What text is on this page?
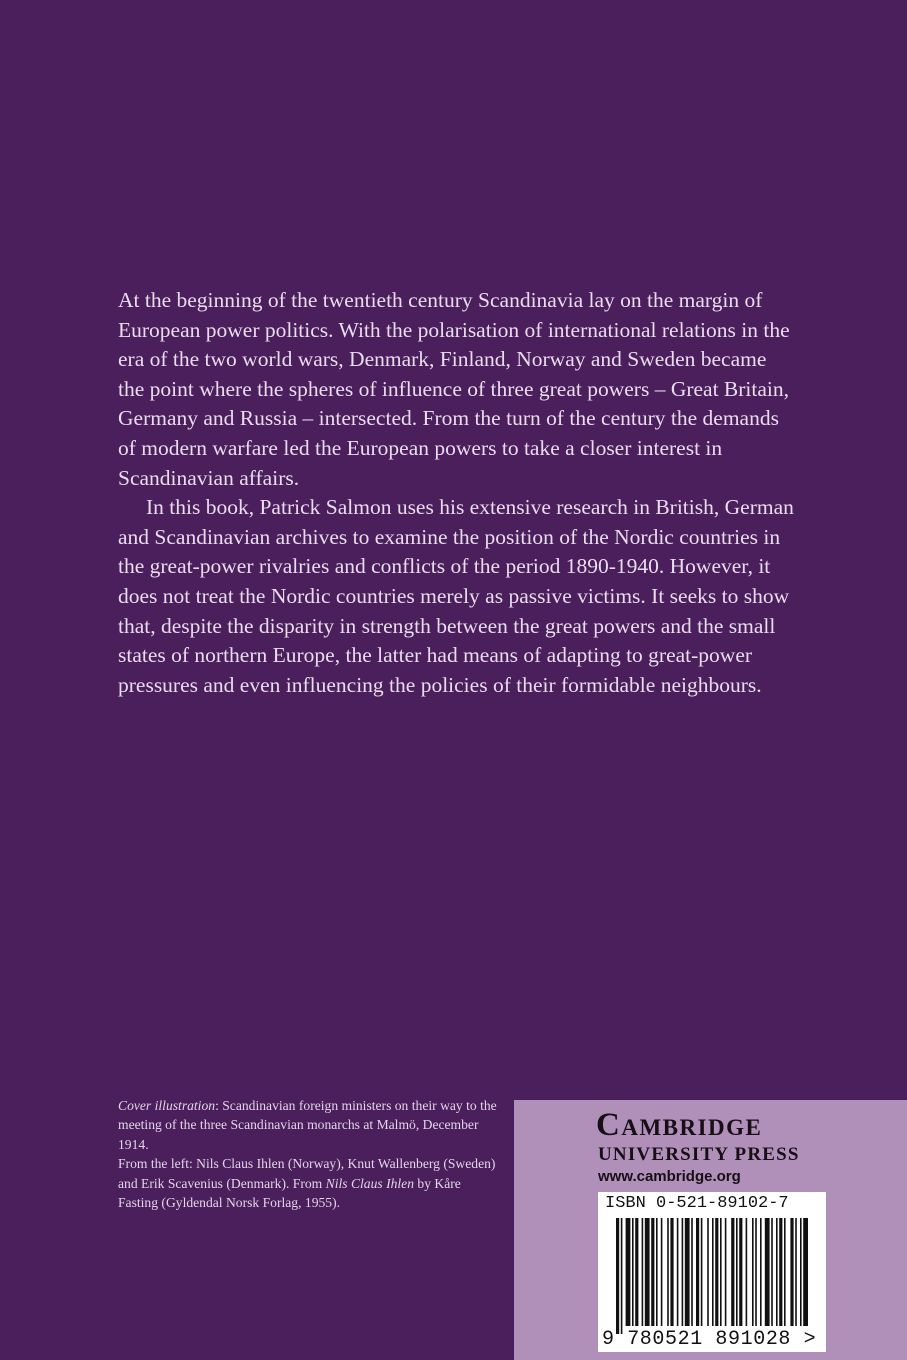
At the beginning of the twentieth century Scandinavia lay on the margin of European power politics. With the polarisation of international relations in the era of the two world wars, Denmark, Finland, Norway and Sweden became the point where the spheres of influence of three great powers – Great Britain, Germany and Russia – intersected. From the turn of the century the demands of modern warfare led the European powers to take a closer interest in Scandinavian affairs.

In this book, Patrick Salmon uses his extensive research in British, German and Scandinavian archives to examine the position of the Nordic countries in the great-power rivalries and conflicts of the period 1890-1940. However, it does not treat the Nordic countries merely as passive victims. It seeks to show that, despite the disparity in strength between the great powers and the small states of northern Europe, the latter had means of adapting to great-power pressures and even influencing the policies of their formidable neighbours.

Cover illustration: Scandinavian foreign ministers on their way to the meeting of the three Scandinavian monarchs at Malmö, December 1914.

From the left: Nils Claus Ihlen (Norway), Knut Wallenberg (Sweden) and Erik Scavenius (Denmark). From Nils Claus Ihlen by Kåre Fasting (Gyldendal Norsk Forlag, 1955).

Cambridge
UNIVERSITY PRESS
www.cambridge.org
ISBN 0-521-89102-7
9 780521 891028 >
